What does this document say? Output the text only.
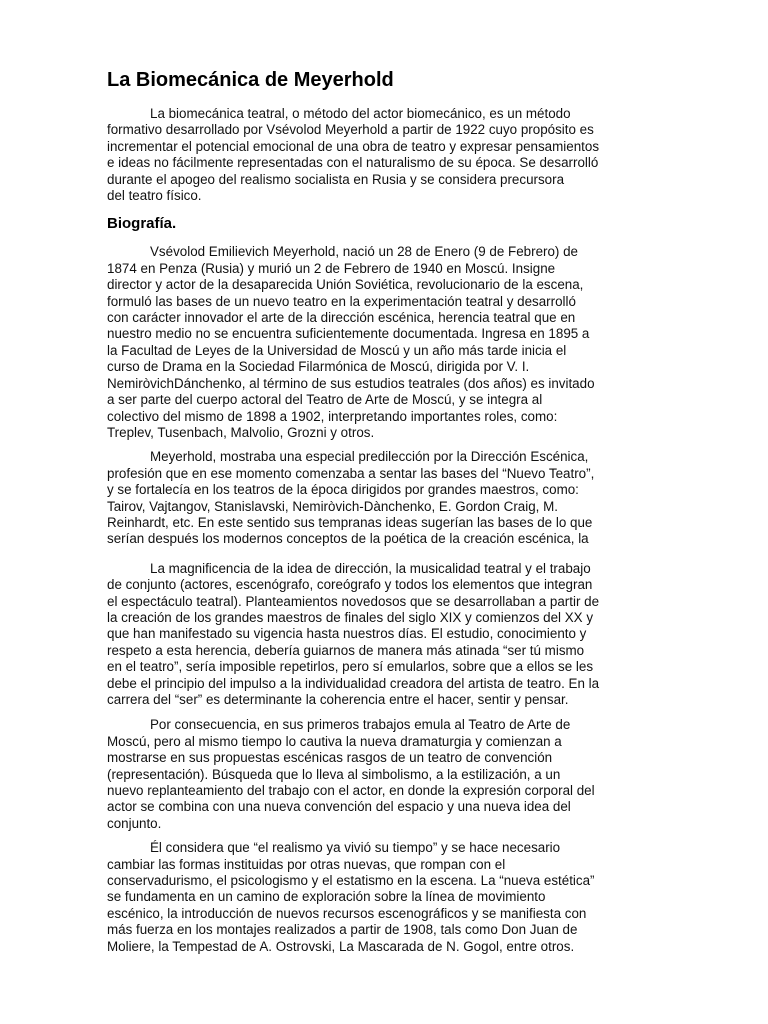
La Biomecánica de Meyerhold

La biomecánica teatral, o método del actor biomecánico, es un método
formativo desarrollado por Vsévolod Meyerhold a partir de 1922 cuyo propósito es
incrementar el potencial emocional de una obra de teatro y expresar pensamientos
e ideas no fácilmente representadas con el naturalismo de su época. Se desarrolló
durante el apogeo del realismo socialista en Rusia y se considera precursora
del teatro físico.

Biografía.

Vsévolod Emilievich Meyerhold, nació un 28 de Enero (9 de Febrero) de
1874 en Penza (Rusia) y murió un 2 de Febrero de 1940 en Moscú. Insigne
director y actor de la desaparecida Unión Soviética, revolucionario de la escena,
formuló las bases de un nuevo teatro en la experimentación teatral y desarrolló
con carácter innovador el arte de la dirección escénica, herencia teatral que en
nuestro medio no se encuentra suficientemente documentada. Ingresa en 1895 a
la Facultad de Leyes de la Universidad de Moscú y un año más tarde inicia el
curso de Drama en la Sociedad Filarmónica de Moscú, dirigida por V. I.
NemiròvichDánchenko, al término de sus estudios teatrales (dos años) es invitado
a ser parte del cuerpo actoral del Teatro de Arte de Moscú, y se integra al
colectivo del mismo de 1898 a 1902, interpretando importantes roles, como:
Treplev, Tusenbach, Malvolio, Grozni y otros.

Meyerhold, mostraba una especial predilección por la Dirección Escénica,
profesión que en ese momento comenzaba a sentar las bases del “Nuevo Teatro”,
y se fortalecía en los teatros de la época dirigidos por grandes maestros, como:
Tairov, Vajtangov, Stanislavski, Nemiròvich-Dànchenko, E. Gordon Craig, M.
Reinhardt, etc. En este sentido sus tempranas ideas sugerían las bases de lo que
serían después los modernos conceptos de la poética de la creación escénica, la

La magnificencia de la idea de dirección, la musicalidad teatral y el trabajo
de conjunto (actores, escenógrafo, coreógrafo y todos los elementos que integran
el espectáculo teatral). Planteamientos novedosos que se desarrollaban a partir de
la creación de los grandes maestros de finales del siglo XIX y comienzos del XX y
que han manifestado su vigencia hasta nuestros días. El estudio, conocimiento y
respeto a esta herencia, debería guiarnos de manera más atinada “ser tú mismo
en el teatro”, sería imposible repetirlos, pero sí emularlos, sobre que a ellos se les
debe el principio del impulso a la individualidad creadora del artista de teatro. En la
carrera del “ser” es determinante la coherencia entre el hacer, sentir y pensar.

Por consecuencia, en sus primeros trabajos emula al Teatro de Arte de
Moscú, pero al mismo tiempo lo cautiva la nueva dramaturgia y comienzan a
mostrarse en sus propuestas escénicas rasgos de un teatro de convención
(representación). Búsqueda que lo lleva al simbolismo, a la estilización, a un
nuevo replanteamiento del trabajo con el actor, en donde la expresión corporal del
actor se combina con una nueva convención del espacio y una nueva idea del
conjunto.

Él considera que “el realismo ya vivió su tiempo” y se hace necesario
cambiar las formas instituidas por otras nuevas, que rompan con el
conservadurismo, el psicologismo y el estatismo en la escena. La “nueva estética”
se fundamenta en un camino de exploración sobre la línea de movimiento
escénico, la introducción de nuevos recursos escenográficos y se manifiesta con
más fuerza en los montajes realizados a partir de 1908, tals como Don Juan de
Moliere, la Tempestad de A. Ostrovski, La Mascarada de N. Gogol, entre otros.
